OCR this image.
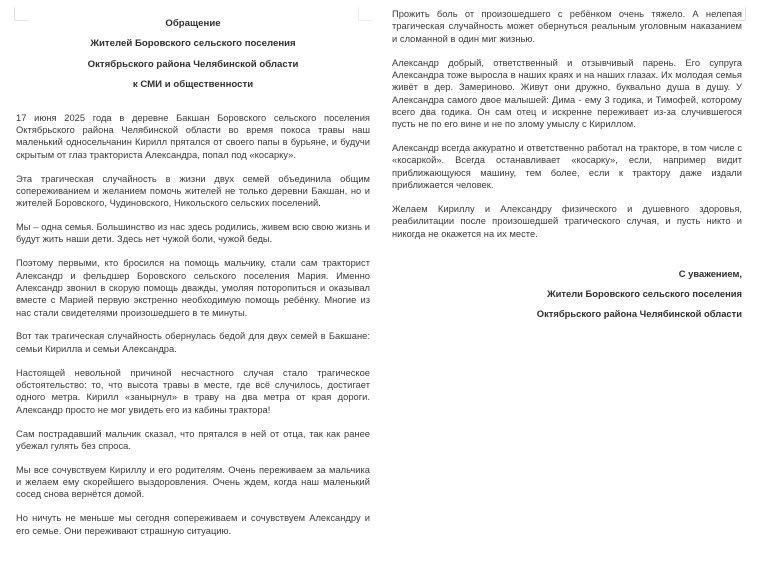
Обращение
Жителей Боровского сельского поселения
Октябрьского района Челябинской области
к СМИ и общественности

17 июня 2025 года в деревне Бакшан Боровского сельского поселения Октябрьского района Челябинской области во время покоса травы наш маленький односельчанин Кирилл прятался от своего папы в бурьяне, и будучи скрытым от глаз тракториста Александра, попал под «косарку».

Эта трагическая случайность в жизни двух семей объединила общим сопереживанием и желанием помочь жителей не только деревни Бакшан, но и жителей Боровского, Чудиновского, Никольского сельских поселений.

Мы – одна семья. Большинство из нас здесь родились, живем всю свою жизнь и будут жить наши дети. Здесь нет чужой боли, чужой беды.

Поэтому первыми, кто бросился на помощь мальчику, стали сам тракторист Александр и фельдшер Боровского сельского поселения Мария. Именно Александр звонил в скорую помощь дважды, умоляя поторопиться и оказывал вместе с Марией первую экстренно необходимую помощь ребёнку. Многие из нас стали свидетелями произошедшего в те минуты.

Вот так трагическая случайность обернулась бедой для двух семей в Бакшане: семьи Кирилла и семьи Александра.

Настоящей невольной причиной несчастного случая стало трагическое обстоятельство: то, что высота травы в месте, где всё случилось, достигает одного метра. Кирилл «занырнул» в траву на два метра от края дороги. Александр просто не мог увидеть его из кабины трактора!

Сам пострадавший мальчик сказал, что прятался в ней от отца, так как ранее убежал гулять без спроса.

Мы все сочувствуем Кириллу и его родителям. Очень переживаем за мальчика и желаем ему скорейшего выздоровления. Очень ждем, когда наш маленький сосед снова вернётся домой.

Но ничуть не меньше мы сегодня сопереживаем и сочувствуем Александру и его семье. Они переживают страшную ситуацию.

Прожить боль от произошедшего с ребёнком очень тяжело. А нелепая трагическая случайность может обернуться реальным уголовным наказанием и сломанной в один миг жизнью.

Александр добрый, ответственный и отзывчивый парень. Его супруга Александра тоже выросла в наших краях и на наших глазах. Их молодая семья живёт в дер. Замериново. Живут они дружно, буквально душа в душу. У Александра самого двое малышей: Дима - ему 3 годика, и Тимофей, которому всего два годика. Он сам отец и искренне переживает из-за случившегося пусть не по его вине и не по злому умыслу с Кириллом.

Александр всегда аккуратно и ответственно работал на тракторе, в том числе с «косаркой». Всегда останавливает «косарку», если, например видит приближающуюся машину, тем более, если к трактору даже издали приближается человек.

Желаем Кириллу и Александру физического и душевного здоровья, реабилитации после произошедшей трагического случая, и пусть никто и никогда не окажется на их месте.

С уважением,
Жители Боровского сельского поселения
Октябрьского района Челябинской области
